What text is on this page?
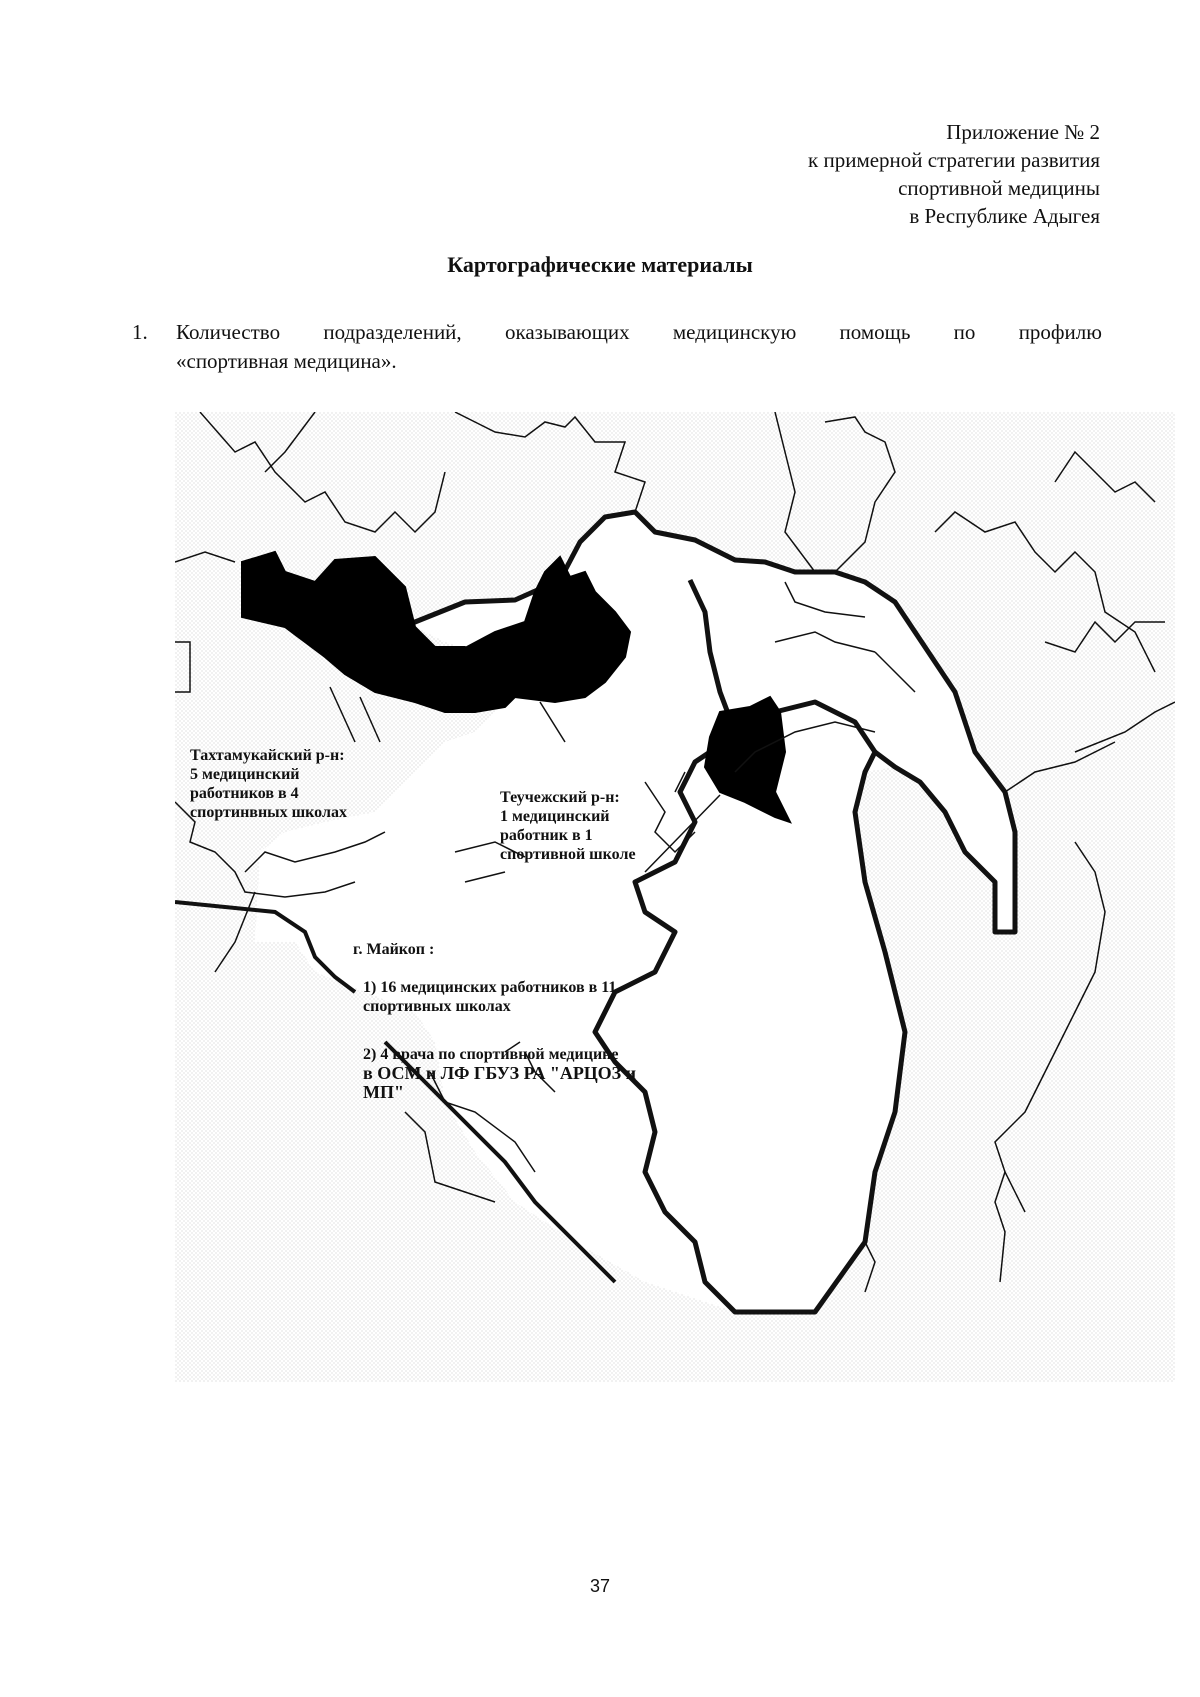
Приложение № 2
к примерной стратегии развития
спортивной медицины
в Республике Адыгея
Картографические материалы
1. Количество подразделений, оказывающих медицинскую помощь по профилю
«спортивная медицина».
Тахтамукайский р-н:
5 медицинский
работников в 4
спортинвных школах
Теучежский р-н:
1 медицинский
работник в 1
спортивной школе
г. Майкоп :
1) 16 медицинских работников в 11
спортивных школах
2) 4 врача по спортивной медицине
в ОСМ и ЛФ ГБУЗ РА "АРЦОЗ и
МП"
37
